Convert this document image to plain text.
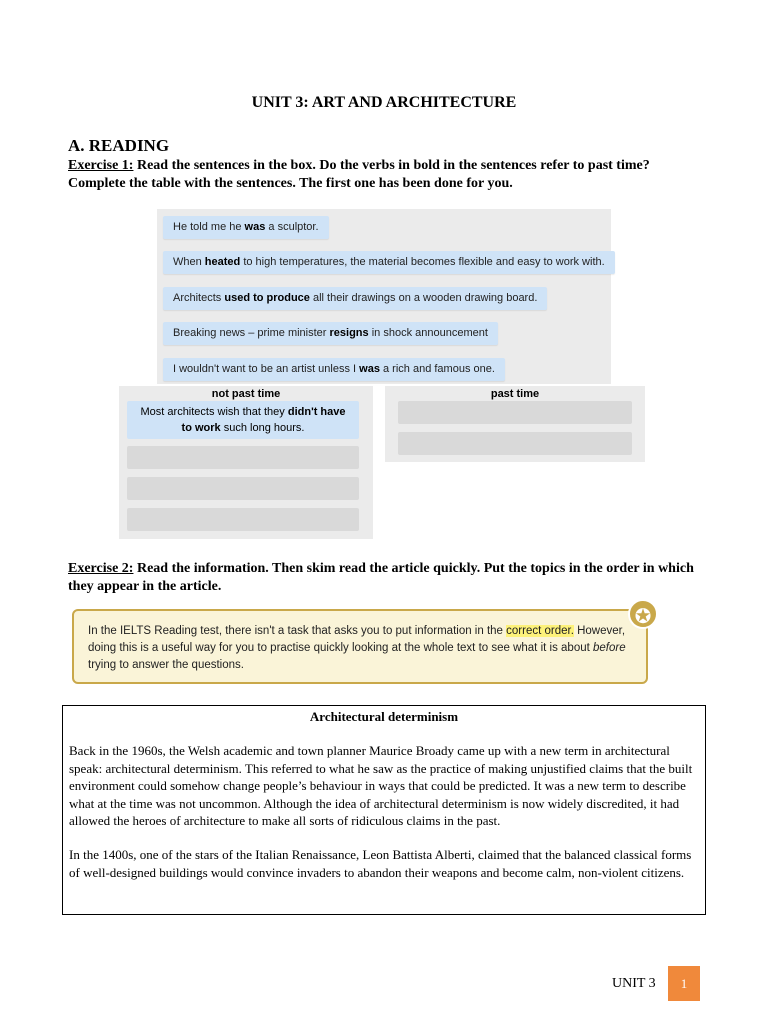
UNIT 3: ART AND ARCHITECTURE
A. READING
Exercise 1: Read the sentences in the box. Do the verbs in bold in the sentences refer to past time? Complete the table with the sentences. The first one has been done for you.
He told me he was a sculptor.
When heated to high temperatures, the material becomes flexible and easy to work with.
Architects used to produce all their drawings on a wooden drawing board.
Breaking news – prime minister resigns in shock announcement
I wouldn't want to be an artist unless I was a rich and famous one.
not past time
Most architects wish that they didn't have
to work such long hours.
past time
Exercise 2: Read the information. Then skim read the article quickly. Put the topics in the order in which they appear in the article.
In the IELTS Reading test, there isn't a task that asks you to put information in the correct order. However, doing this is a useful way for you to practise quickly looking at the whole text to see what it is about before trying to answer the questions.
✪
Architectural determinism

Back in the 1960s, the Welsh academic and town planner Maurice Broady came up with a new term in architectural speak: architectural determinism. This referred to what he saw as the practice of making unjustified claims that the built environment could somehow change people’s behaviour in ways that could be predicted. It was a new term to describe what at the time was not uncommon. Although the idea of architectural determinism is now widely discredited, it had allowed the heroes of architecture to make all sorts of ridiculous claims in the past.

In the 1400s, one of the stars of the Italian Renaissance, Leon Battista Alberti, claimed that the balanced classical forms of well-designed buildings would convince invaders to abandon their weapons and become calm, non-violent citizens.

UNIT 3	1
